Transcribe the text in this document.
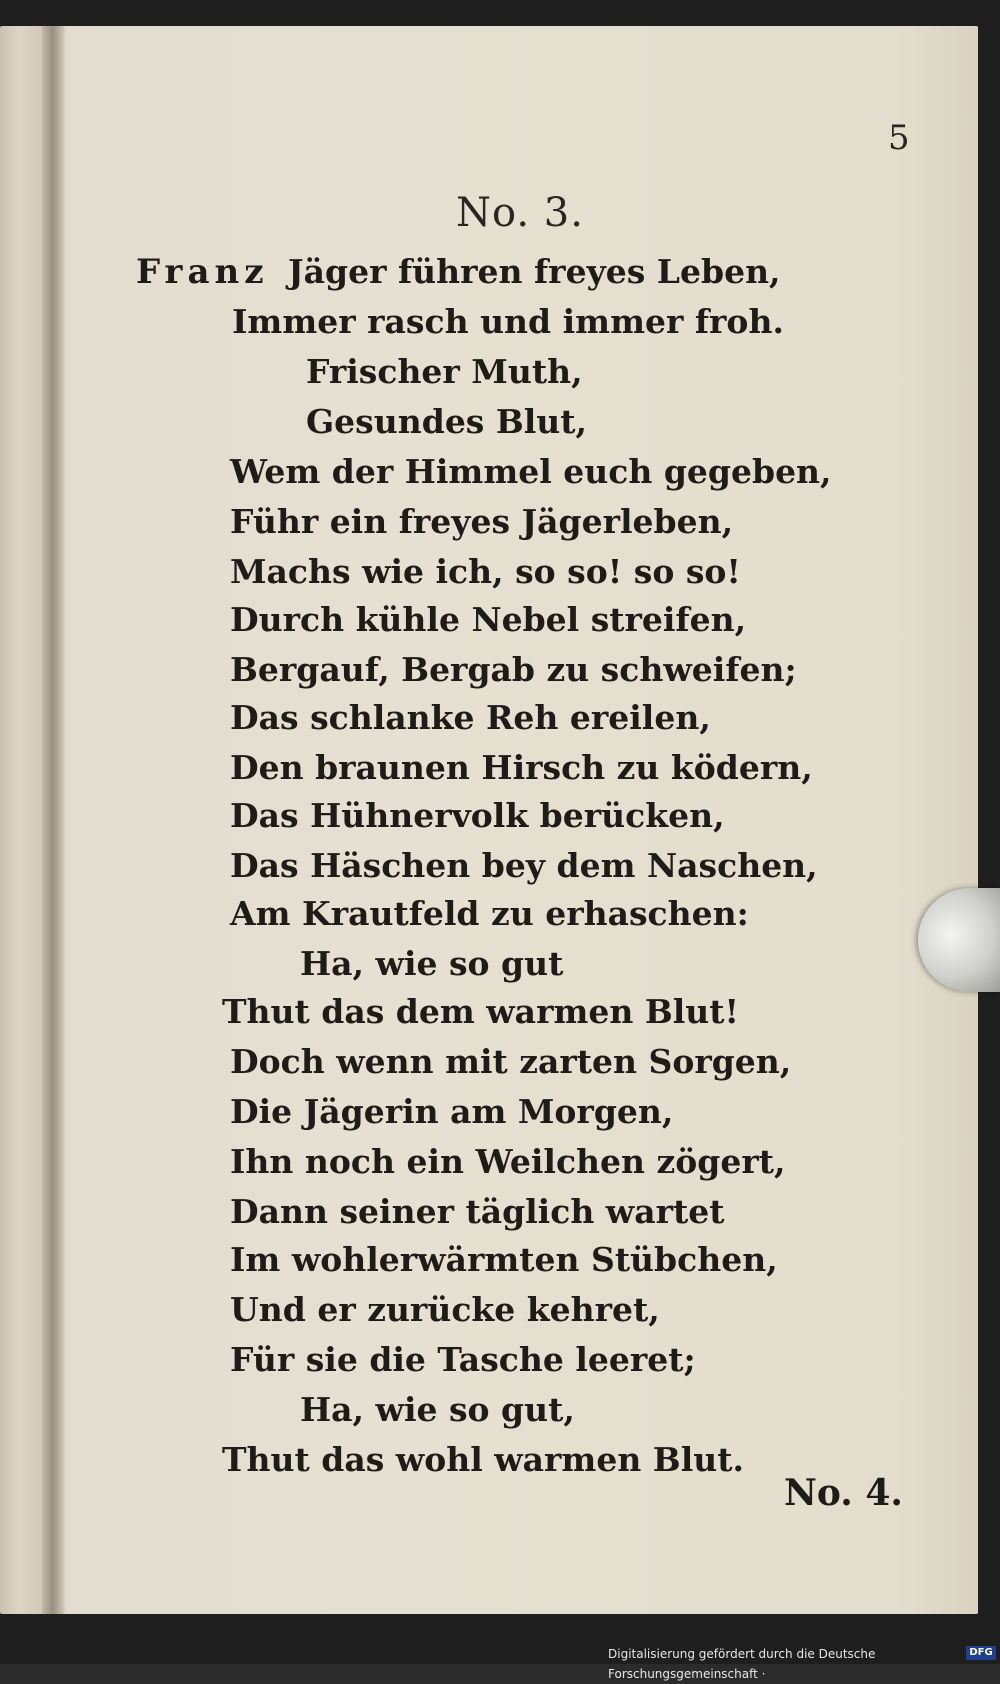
5
No. 3.
Franz Jäger führen freyes Leben,
Immer rasch und immer froh.
Frischer Muth,
Gesundes Blut,
Wem der Himmel euch gegeben,
Führ ein freyes Jägerleben,
Machs wie ich, so so! so so!
Durch kühle Nebel streifen,
Bergauf, Bergab zu schweifen;
Das schlanke Reh ereilen,
Den braunen Hirsch zu ködern,
Das Hühnervolk berücken,
Das Häschen bey dem Naschen,
Am Krautfeld zu erhaschen:
Ha, wie so gut
Thut das dem warmen Blut!
Doch wenn mit zarten Sorgen,
Die Jägerin am Morgen,
Ihn noch ein Weilchen zögert,
Dann seiner täglich wartet
Im wohlerwärmten Stübchen,
Und er zurücke kehret,
Für sie die Tasche leeret;
Ha, wie so gut,
Thut das wohl warmen Blut.
No. 4.
Digitalisierung gefördert durch die Deutsche Forschungsgemeinschaft ·
DFG
